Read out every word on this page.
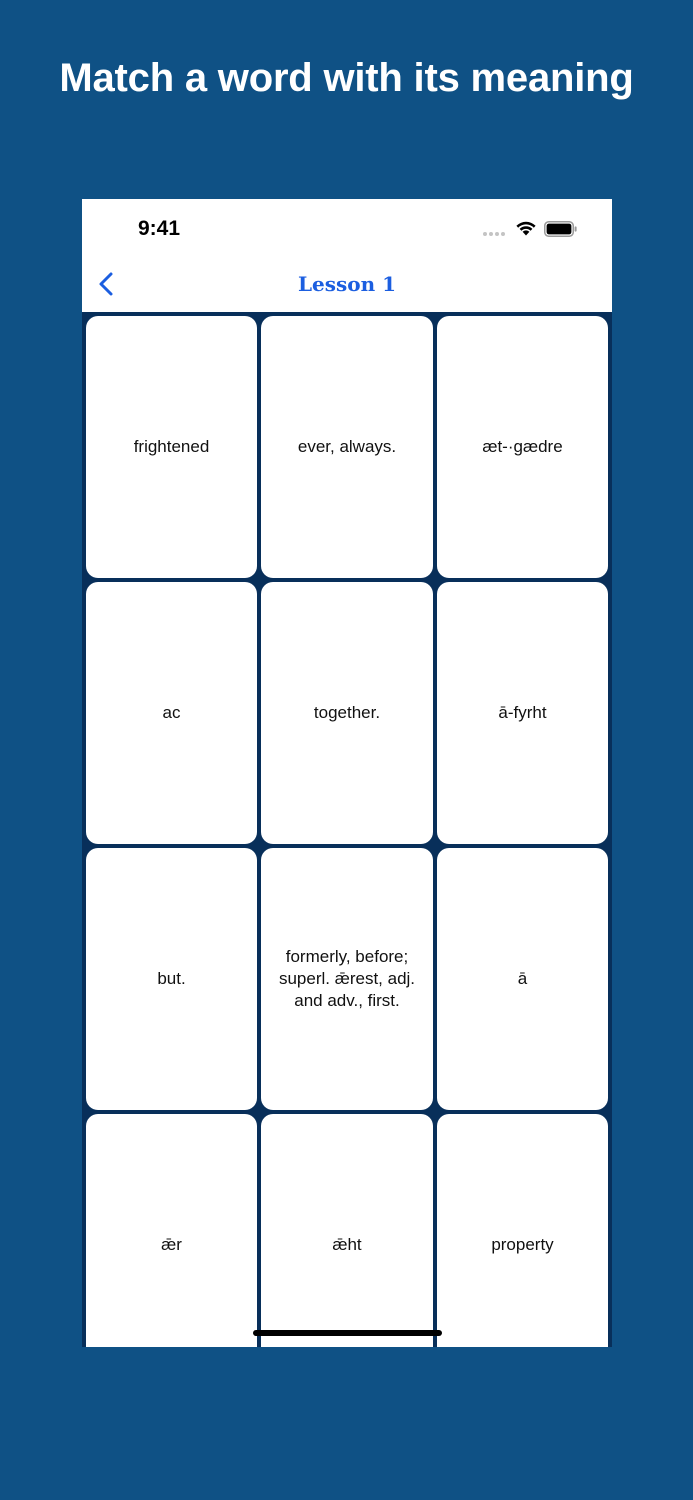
Match a word with its meaning
9:41
Lesson 1
frightened	ever, always.	æt-·gædre
ac	together.	ā-fyrht
but.
formerly, before; superl. ǣrest, adj. and adv., first.
ā
ǣr	ǣht	property
